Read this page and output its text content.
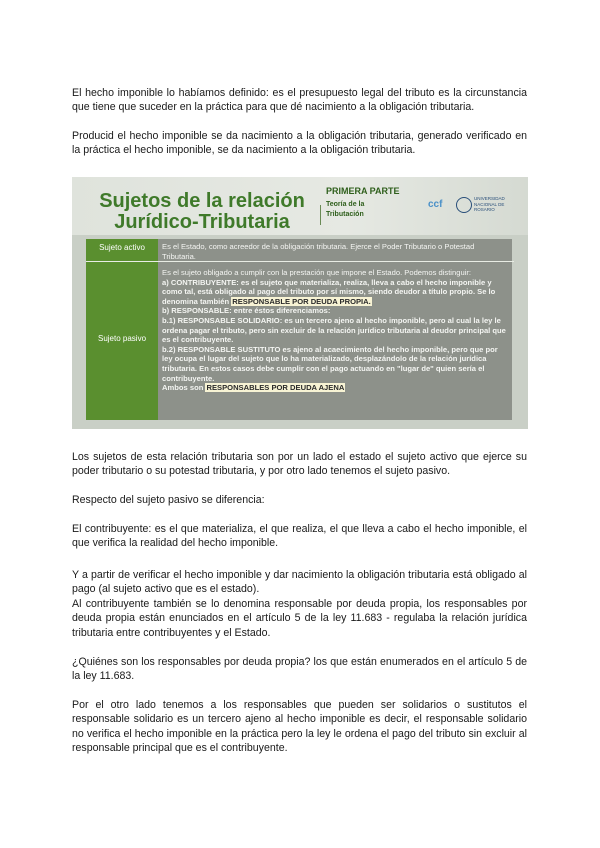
El hecho imponible lo habíamos definido: es el presupuesto legal del tributo es la circunstancia que tiene que suceder en la práctica para que dé nacimiento a la obligación tributaria.

Producid el hecho imponible se da nacimiento a la obligación tributaria, generado verificado en la práctica el hecho imponible, se da nacimiento a la obligación tributaria.

Sujetos de la relación
Jurídico-Tributaria
PRIMERA PARTE
Teoría de la Tributación
ccf
UNIVERSIDAD NACIONAL DE ROSARIO
Sujeto activo
Sujeto pasivo

Es el Estado, como acreedor de la obligación tributaria. Ejerce el Poder Tributario o Potestad Tributaria.

Es el sujeto obligado a cumplir con la prestación que impone el Estado. Podemos distinguir:
a) CONTRIBUYENTE: es el sujeto que materializa, realiza, lleva a cabo el hecho imponible y como tal, está obligado al pago del tributo por sí mismo, siendo deudor a título propio. Se lo denomina también RESPONSABLE POR DEUDA PROPIA.
b) RESPONSABLE: entre éstos diferenciamos:
b.1) RESPONSABLE SOLIDARIO: es un tercero ajeno al hecho imponible, pero al cual la ley le ordena pagar el tributo, pero sin excluir de la relación jurídico tributaria al deudor principal que es el contribuyente.
b.2) RESPONSABLE SUSTITUTO es ajeno al acaecimiento del hecho imponible, pero que por ley ocupa el lugar del sujeto que lo ha materializado, desplazándolo de la relación jurídica tributaria. En estos casos debe cumplir con el pago actuando en "lugar de" quien sería el contribuyente.
Ambos son RESPONSABLES POR DEUDA AJENA

Los sujetos de esta relación tributaria son por un lado el estado el sujeto activo que ejerce su poder tributario o su potestad tributaria, y por otro lado tenemos el sujeto pasivo.

Respecto del sujeto pasivo se diferencia:

El contribuyente: es el que materializa, el que realiza, el que lleva a cabo el hecho imponible, el que verifica la realidad del hecho imponible.

Y a partir de verificar el hecho imponible y dar nacimiento la obligación tributaria está obligado al pago (al sujeto activo que es el estado).

Al contribuyente también se lo denomina responsable por deuda propia, los responsables por deuda propia están enunciados en el artículo 5 de la ley 11.683 - regulaba la relación jurídica tributaria entre contribuyentes y el Estado.

¿Quiénes son los responsables por deuda propia? los que están enumerados en el artículo 5 de la ley 11.683.

Por el otro lado tenemos a los responsables que pueden ser solidarios o sustitutos el responsable solidario es un tercero ajeno al hecho imponible es decir, el responsable solidario no verifica el hecho imponible en la práctica pero la ley le ordena el pago del tributo sin excluir al responsable principal que es el contribuyente.
